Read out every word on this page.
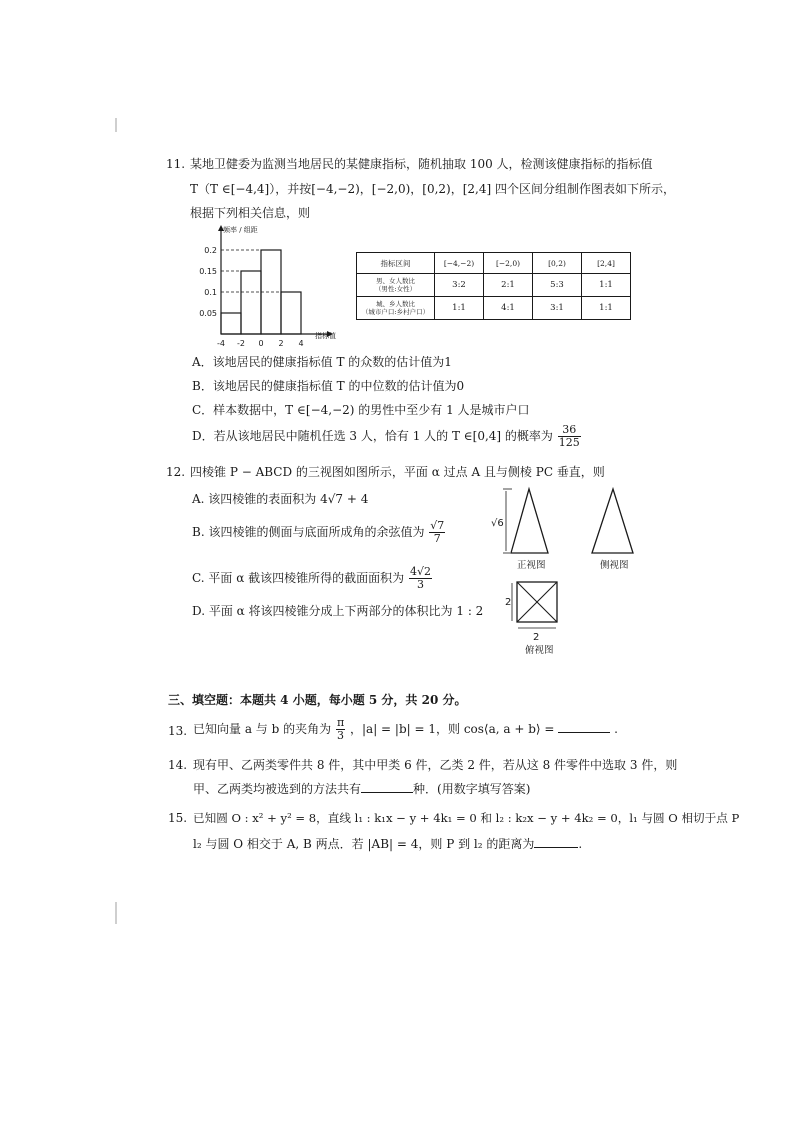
11. 某地卫健委为监测当地居民的某健康指标，随机抽取 100 人，检测该健康指标的指标值
T（T ∈[−4,4]），并按[−4,−2)，[−2,0)，[0,2)，[2,4] 四个区间分组制作图表如下所示，
根据下列相关信息，则
频率 / 组距
指标值
0.05
0.1
0.15
0.2
-4 -2 0 2 4
指标区间	[−4,−2)	[−2,0)	[0,2)	[2,4]

男、女人数比
（男性:女性）	3:2	2:1	5:3	1:1

城、乡人数比
（城市户口:乡村户口）	1:1	4:1	3:1	1:1
A．该地居民的健康指标值 T 的众数的估计值为1
B．该地居民的健康指标值 T 的中位数的估计值为0
C．样本数据中，T ∈[−4,−2) 的男性中至少有 1 人是城市户口
D．若从该地居民中随机任选 3 人，恰有 1 人的 T ∈[0,4] 的概率为 $\frac{36}{125}$
12. 四棱锥 P − ABCD 的三视图如图所示，平面 α 过点 A 且与侧棱 PC 垂直，则
A. 该四棱锥的表面积为 4√7 + 4
B. 该四棱锥的侧面与底面所成角的余弦值为 $\frac{√7}{7}$
C. 平面 α 截该四棱锥所得的截面面积为 $\frac{4√2}{3}$
D. 平面 α 将该四棱锥分成上下两部分的体积比为 1 : 2
√6
正视图	侧视图
2
2
俯视图
三、填空题：本题共 4 小题，每小题 5 分，共 20 分。
13. 已知向量 a 与 b 的夹角为 $\frac{\pi}{3}$ ，|a| = |b| = 1，则 cos⟨a, a + b⟩ =	.
14. 现有甲、乙两类零件共 8 件，其中甲类 6 件，乙类 2 件，若从这 8 件零件中选取 3 件，则
甲、乙两类均被选到的方法共有	种．(用数字填写答案)
15. 已知圆 O : x² + y² = 8，直线 l₁ : k₁x − y + 4k₁ = 0 和 l₂ : k₂x − y + 4k₂ = 0，l₁ 与圆 O 相切于点 P
l₂ 与圆 O 相交于 A, B 两点．若 |AB| = 4，则 P 到 l₂ 的距离为	.
